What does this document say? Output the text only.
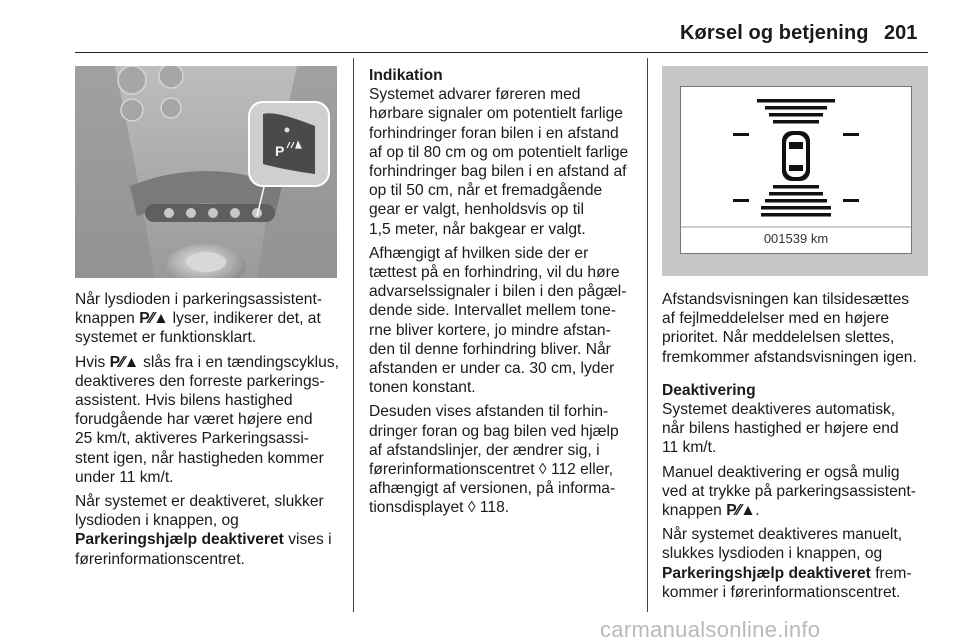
Kørsel og betjening 201
P
001539 km

Når lysdioden i parkeringsassistent-
knappen P⁄⁄▲ lyser, indikerer det, at
systemet er funktionsklart.

Hvis P⁄⁄▲ slås fra i en tændingscyklus,
deaktiveres den forreste parkerings-
assistent. Hvis bilens hastighed
forudgående har været højere end
25 km/t, aktiveres Parkeringsassi-
stent igen, når hastigheden kommer
under 11 km/t.

Når systemet er deaktiveret, slukker
lysdioden i knappen, og
Parkeringshjælp deaktiveret vises i
førerinformationscentret.

Indikation

Systemet advarer føreren med
hørbare signaler om potentielt farlige
forhindringer foran bilen i en afstand
af op til 80 cm og om potentielt farlige
forhindringer bag bilen i en afstand af
op til 50 cm, når et fremadgående
gear er valgt, henholdsvis op til
1,5 meter, når bakgear er valgt.

Afhængigt af hvilken side der er
tættest på en forhindring, vil du høre
advarselssignaler i bilen i den pågæl-
dende side. Intervallet mellem tone-
rne bliver kortere, jo mindre afstan-
den til denne forhindring bliver. Når
afstanden er under ca. 30 cm, lyder
tonen konstant.

Desuden vises afstanden til forhin-
dringer foran og bag bilen ved hjælp
af afstandslinjer, der ændrer sig, i
førerinformationscentret ◊ 112 eller,
afhængigt af versionen, på informa-
tionsdisplayet ◊ 118.

Afstandsvisningen kan tilsidesættes
af fejlmeddelelser med en højere
prioritet. Når meddelelsen slettes,
fremkommer afstandsvisningen igen.

Deaktivering

Systemet deaktiveres automatisk,
når bilens hastighed er højere end
11 km/t.

Manuel deaktivering er også mulig
ved at trykke på parkeringsassistent-
knappen P⁄⁄▲.

Når systemet deaktiveres manuelt,
slukkes lysdioden i knappen, og
Parkeringshjælp deaktiveret frem-
kommer i førerinformationscentret.

carmanualsonline.info
